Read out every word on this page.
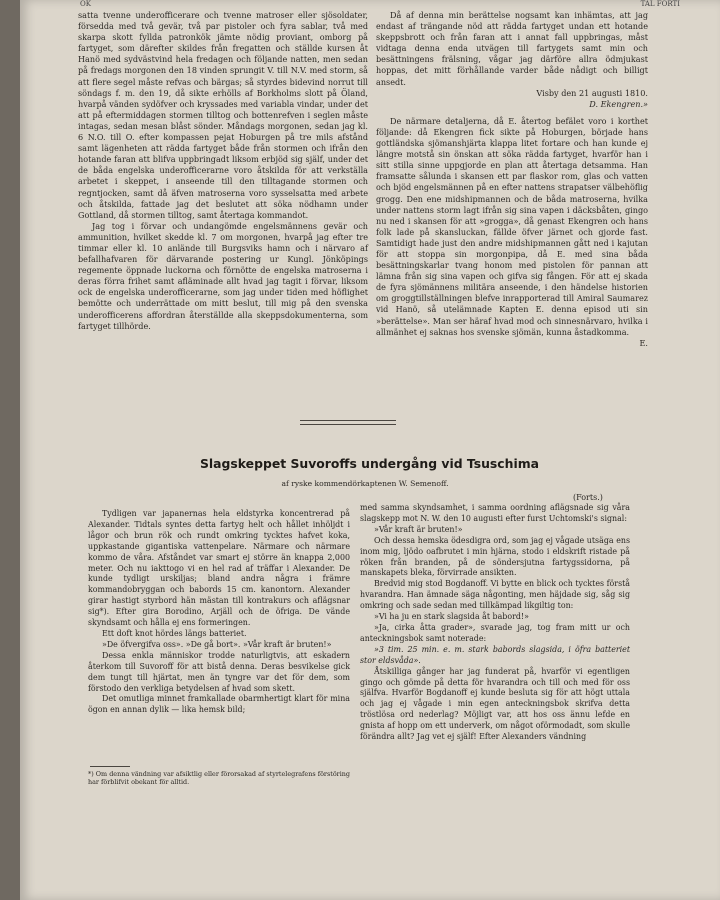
OK	TAL FÖRTI

satta tvenne underofficerare och tvenne matroser eller sjösoldater, försedda med två gevär, två par pistoler och fyra sablar, två med skarpa skott fyllda patronkök jämte nödig proviant, omborg på fartyget, som därefter skildes från fregatten och ställde kursen åt Hanö med sydvästvind hela fredagen och följande natten, men sedan på fredags morgonen den 18 vinden sprungit V. till N.V. med storm, så att flere segel måste refvas och bärgas; så styrdes bidevind norrut till söndags f. m. den 19, då sikte erhölls af Borkholms slott på Öland, hvarpå vänden sydöfver och kryssades med variabla vindar, under det att på eftermiddagen stormen tilltog och bottenrefven i seglen måste intagas, sedan mesan blåst sönder. Måndags morgonen, sedan jag kl. 6 N.O. till O. efter kompassen pejat Hoburgen på tre mils afstånd samt lägenheten att rädda fartyget både från stormen och ifrån den hotande faran att blifva uppbringadt liksom erbjöd sig själf, under det de båda engelska underofficerarne voro åtskilda för att verkställa arbetet i skeppet, i anseende till den tilltagande stormen och regntjocken, samt då äfven matroserna voro sysselsatta med arbete och åtskilda, fattade jag det beslutet att söka nödhamn under Gottland, då stormen tilltog, samt återtaga kommandot.

Jag tog i förvar och undangömde engelsmännens gevär och ammunition, hvilket skedde kl. 7 om morgonen, hvarpå jag efter tre timmar eller kl. 10 anlände till Burgsviks hamn och i närvaro af befallhafvaren för därvarande postering ur Kungl. Jönköpings regemente öppnade luckorna och förnötte de engelska matroserna i deras förra frihet samt afläminade allt hvad jag tagit i förvar, liksom ock de engelska underofficerarne, som jag under tiden med höflighet bemötte och underrättade om mitt beslut, till mig på den svenska underofficerens affordran återställde alla skeppsdokumenterna, som fartyget tillhörde.

Då af denna min berättelse nogsamt kan inhämtas, att jag endast af trängande nöd att rädda fartyget undan ett hotande skeppsbrott och från faran att i annat fall uppbringas, måst vidtaga denna enda utvägen till fartygets samt min och besättningens frälsning, vågar jag därföre allra ödmjukast hoppas, det mitt förhållande varder både nådigt och billigt ansedt.

Visby den 21 augusti 1810.

D. Ekengren.»

De närmare detaljerna, då E. återtog befälet voro i korthet följande: då Ekengren fick sikte på Hoburgen, började hans gottländska sjömanshjärta klappa litet fortare och han kunde ej längre motstå sin önskan att söka rädda fartyget, hvarför han i sitt stilla sinne uppgjorde en plan att återtaga detsamma. Han framsatte sålunda i skansen ett par flaskor rom, glas och vatten och bjöd engelsmännen på en efter nattens strapatser välbehöflig grogg. Den ene midshipmannen och de båda matroserna, hvilka under nattens storm lagt ifrån sig sina vapen i däcksbåten, gingo nu ned i skansen för att »grogga», då genast Ekengren och hans folk lade på skansluckan, fällde öfver järnet och gjorde fast. Samtidigt hade just den andre midshipmannen gått ned i kajutan för att stoppa sin morgonpipa, då E. med sina båda besättningskarlar tvang honom med pistolen för pannan att lämna från sig sina vapen och gifva sig fången. För att ej skada de fyra sjömännens militära anseende, i den händelse historien om groggtillställningen blefve inrapporterad till Amiral Saumarez vid Hanö, så utelämnade Kapten E. denna episod uti sin »berättelse». Man ser häraf hvad mod och sinnesnärvaro, hvilka i allmänhet ej saknas hos svenske sjömän, kunna åstadkomma.

E.

Slagskeppet Suvoroffs undergång vid Tsuschima
af ryske kommendörkaptenen W. Semenoff.
(Forts.)

Tydligen var japanernas hela eldstyrka koncentrerad på Alexander. Tidtals syntes detta fartyg helt och hållet inhöljdt i lågor och brun rök och rundt omkring tycktes hafvet koka, uppkastande gigantiska vattenpelare. Närmare och närmare kommo de våra. Afståndet var smart ej större än knappa 2,000 meter. Och nu iakttogo vi en hel rad af träffar i Alexander. De kunde tydligt urskiljas; bland andra några i främre kommandobryggan och babords 15 cm. kanontorn. Alexander girar hastigt styrbord hän mästan till kontrakurs och aflägsnar sig*). Efter gira Borodino, Arjäll och de öfriga. De vände skyndsamt och hålla ej ens formeringen.

Ett doft knot hördes längs batteriet.

»De öfvergifva oss». »De gå bort». »Vår kraft är bruten!»

Dessa enkla människor trodde naturligtvis, att eskadern återkom till Suvoroff för att bistå denna. Deras besvikelse gick dem tungt till hjärtat, men än tyngre var det för dem, som förstodo den verkliga betydelsen af hvad som skett.

Det omutliga minnet framkallade obarmhertigt klart för mina ögon en annan dylik — lika hemsk bild;

*) Om denna vändning var afsiktlig eller förorsakad af styrtelegrafens förstöring har förblifvit obekant för alltid.

med samma skyndsamhet, i samma oordning aflägsnade sig våra slagskepp mot N. W. den 10 augusti efter furst Uchtomski's signal:

»Vår kraft är bruten!»

Och dessa hemska ödesdigra ord, som jag ej vågade utsäga ens inom mig, ljödo oafbrutet i min hjärna, stodo i eldskrift ristade på röken från branden, på de söndersjutna fartygssidorna, på manskapets bleka, förvirrade ansikten.

Bredvid mig stod Bogdanoff. Vi bytte en blick och tycktes förstå hvarandra. Han ämnade säga någonting, men häjdade sig, såg sig omkring och sade sedan med tillkämpad likgiltig ton:

»Vi ha ju en stark slagsida åt babord!»

»Ja, cirka åtta grader», svarade jag, tog fram mitt ur och anteckningsbok samt noterade:

»3 tim. 25 min. e. m. stark babords slagsida, i öfra batteriet stor eldsvåda».

Åtskilliga gånger har jag funderat på, hvarför vi egentligen gingo och gömde på detta för hvarandra och till och med för oss själfva. Hvarför Bogdanoff ej kunde besluta sig för att högt uttala och jag ej vågade i min egen anteckningsbok skrifva detta tröstlösa ord nederlag? Möjligt var, att hos oss ännu lefde en gnista af hopp om ett underverk, om något oförmodadt, som skulle förändra allt? Jag vet ej själf! Efter Alexanders vändning
